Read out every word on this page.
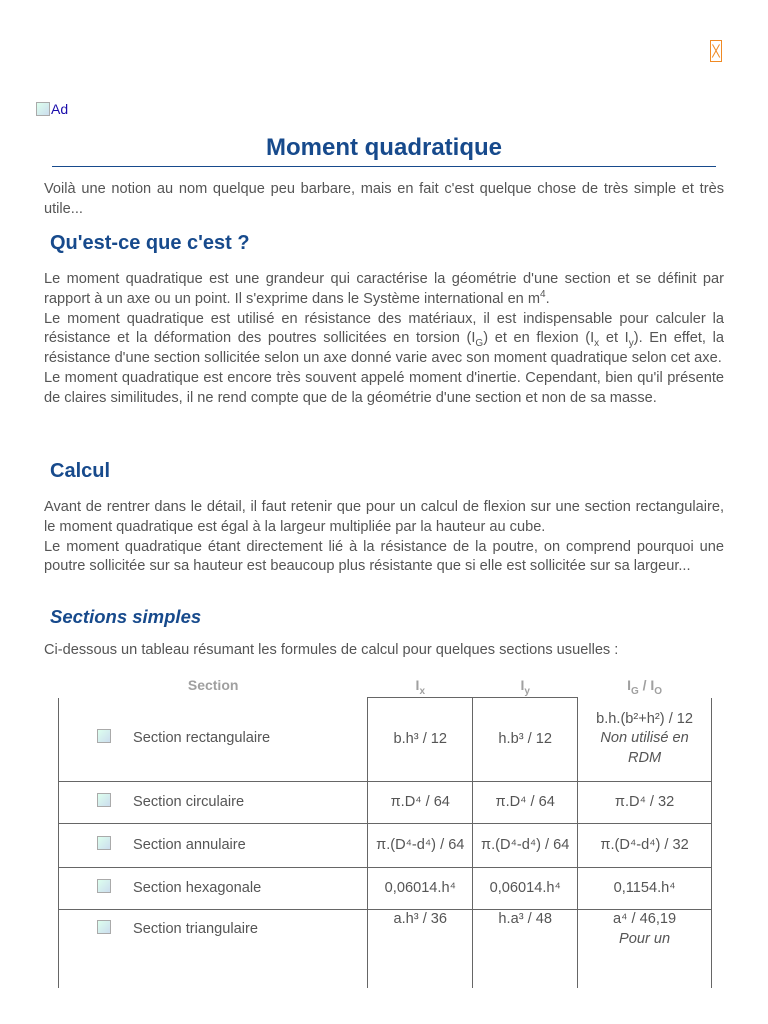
Ad
Moment quadratique

Voilà une notion au nom quelque peu barbare, mais en fait c'est quelque chose de très simple et très utile...

Qu'est-ce que c'est ?

Le moment quadratique est une grandeur qui caractérise la géométrie d'une section et se définit par rapport à un axe ou un point. Il s'exprime dans le Système international en $m^4$.

Le moment quadratique est utilisé en résistance des matériaux, il est indispensable pour calculer la résistance et la déformation des poutres sollicitées en torsion $(I_G)$ et en flexion ($I_x$ et $I_y$). En effet, la résistance d'une section sollicitée selon un axe donné varie avec son moment quadratique selon cet axe.

Le moment quadratique est encore très souvent appelé moment d'inertie. Cependant, bien qu'il présente de claires similitudes, il ne rend compte que de la géométrie d'une section et non de sa masse.

Calcul

Avant de rentrer dans le détail, il faut retenir que pour un calcul de flexion sur une section rectangulaire, le moment quadratique est égal à la largeur multipliée par la hauteur au cube.

Le moment quadratique étant directement lié à la résistance de la poutre, on comprend pourquoi une poutre sollicitée sur sa hauteur est beaucoup plus résistante que si elle est sollicitée sur sa largeur...

Sections simples

Ci-dessous un tableau résumant les formules de calcul pour quelques sections usuelles :

Section	$I_x$	$I_y$	$I_G / I_O$
Section rectangulaire	b.h³ / 12	h.b³ / 12	b.h.(b²+h²) / 12
Non utilisé en RDM
Section circulaire	π.D⁴ / 64	π.D⁴ / 64	π.D⁴ / 32
Section annulaire	π.(D⁴-d⁴) / 64	π.(D⁴-d⁴) / 64	π.(D⁴-d⁴) / 32
Section hexagonale	0,06014.h⁴	0,06014.h⁴	0,1154.h⁴
Section triangulaire	a.h³ / 36	h.a³ / 48	a⁴ / 46,19
Pour un
